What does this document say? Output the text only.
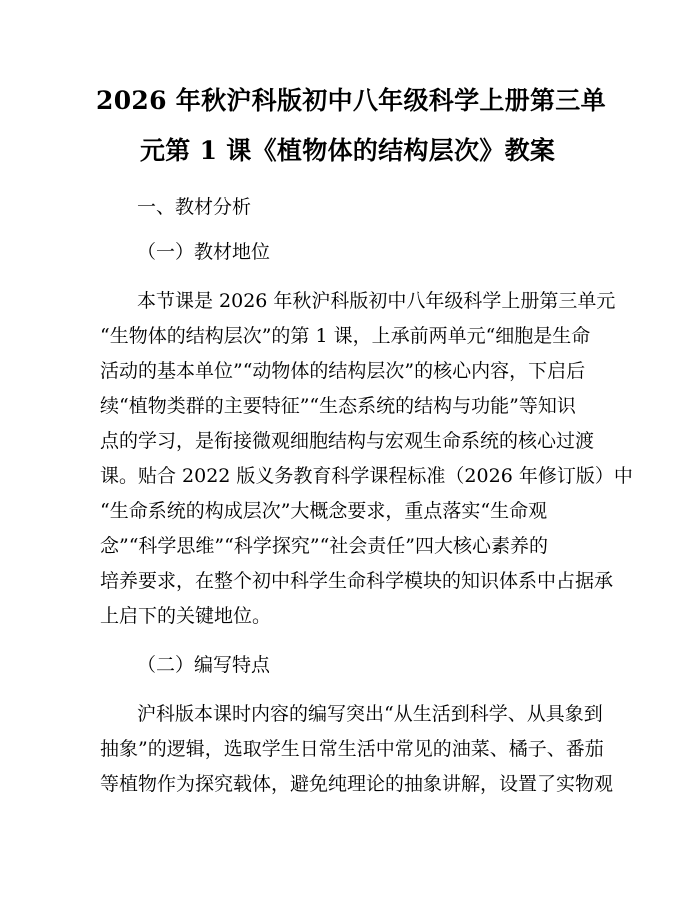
2026 年秋沪科版初中八年级科学上册第三单
元第 1 课《植物体的结构层次》教案
一、教材分析
（一）教材地位
本节课是 2026 年秋沪科版初中八年级科学上册第三单元
“生物体的结构层次”的第 1 课，上承前两单元“细胞是生命
活动的基本单位”“动物体的结构层次”的核心内容，下启后
续“植物类群的主要特征”“生态系统的结构与功能”等知识
点的学习，是衔接微观细胞结构与宏观生命系统的核心过渡
课。贴合 2022 版义务教育科学课程标准（2026 年修订版）中
“生命系统的构成层次”大概念要求，重点落实“生命观
念”“科学思维”“科学探究”“社会责任”四大核心素养的
培养要求，在整个初中科学生命科学模块的知识体系中占据承
上启下的关键地位。
（二）编写特点
沪科版本课时内容的编写突出“从生活到科学、从具象到
抽象”的逻辑，选取学生日常生活中常见的油菜、橘子、番茄
等植物作为探究载体，避免纯理论的抽象讲解，设置了实物观
